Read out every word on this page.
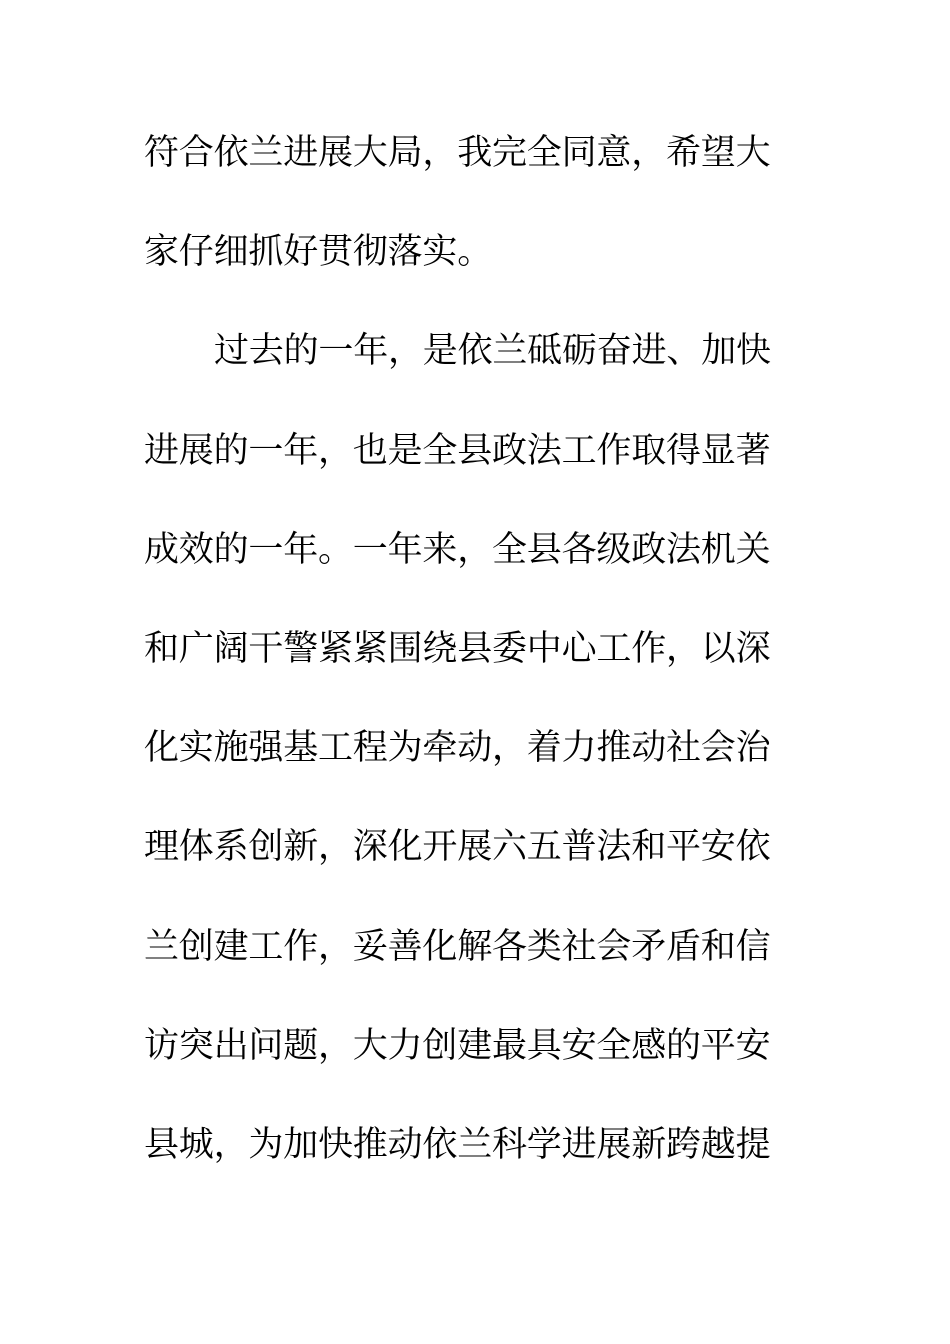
符合依兰进展大局，我完全同意，希望大
家仔细抓好贯彻落实。
过去的一年，是依兰砥砺奋进、加快
进展的一年，也是全县政法工作取得显著
成效的一年。一年来，全县各级政法机关
和广阔干警紧紧围绕县委中心工作，以深
化实施强基工程为牵动，着力推动社会治
理体系创新，深化开展六五普法和平安依
兰创建工作，妥善化解各类社会矛盾和信
访突出问题，大力创建最具安全感的平安
县城，为加快推动依兰科学进展新跨越提
